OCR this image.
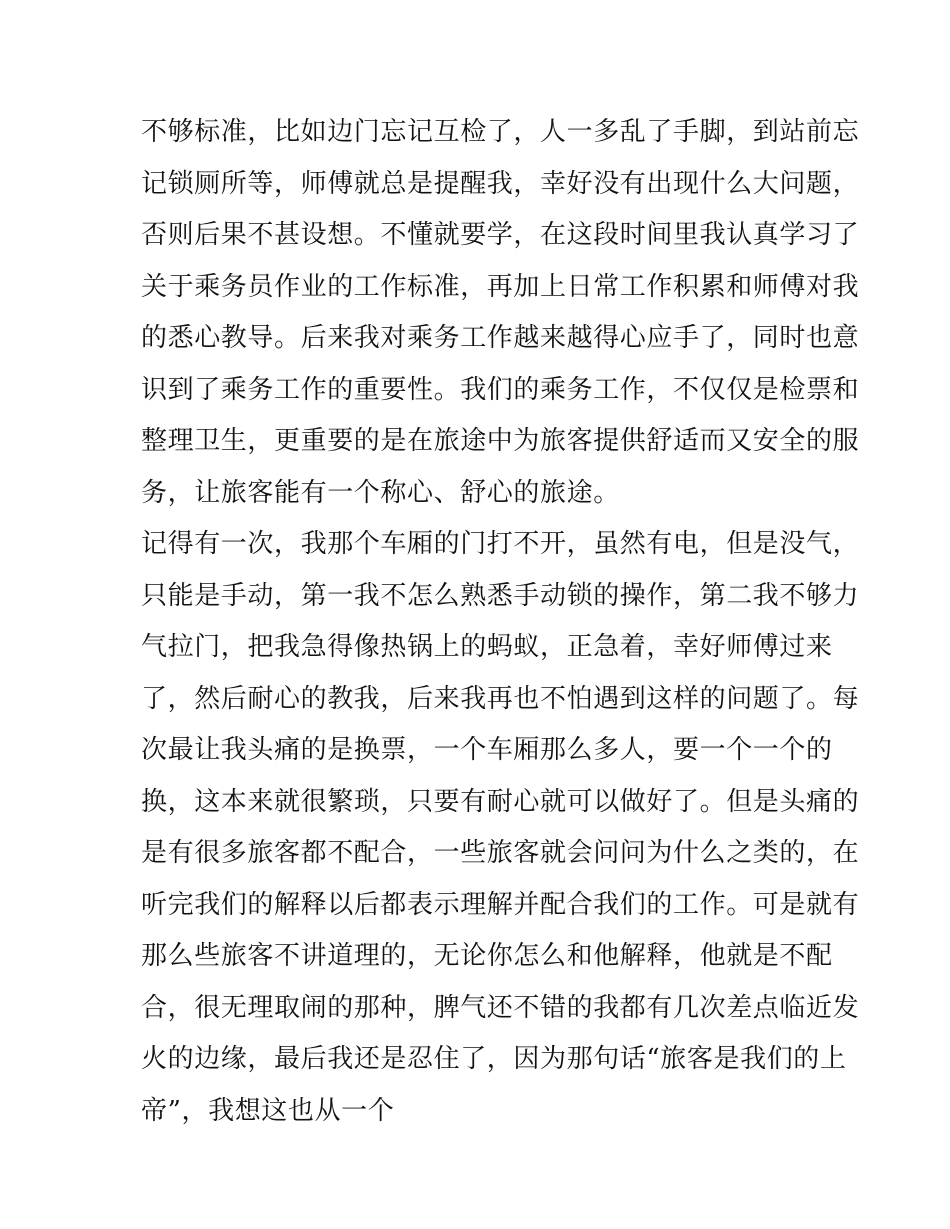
不够标准，比如边门忘记互检了，人一多乱了手脚，到站前忘
记锁厕所等，师傅就总是提醒我，幸好没有出现什么大问题，
否则后果不甚设想。不懂就要学，在这段时间里我认真学习了
关于乘务员作业的工作标准，再加上日常工作积累和师傅对我
的悉心教导。后来我对乘务工作越来越得心应手了，同时也意
识到了乘务工作的重要性。我们的乘务工作，不仅仅是检票和
整理卫生，更重要的是在旅途中为旅客提供舒适而又安全的服
务，让旅客能有一个称心、舒心的旅途。
记得有一次，我那个车厢的门打不开，虽然有电，但是没气，
只能是手动，第一我不怎么熟悉手动锁的操作，第二我不够力
气拉门，把我急得像热锅上的蚂蚁，正急着，幸好师傅过来
了，然后耐心的教我，后来我再也不怕遇到这样的问题了。每
次最让我头痛的是换票，一个车厢那么多人，要一个一个的
换，这本来就很繁琐，只要有耐心就可以做好了。但是头痛的
是有很多旅客都不配合，一些旅客就会问问为什么之类的，在
听完我们的解释以后都表示理解并配合我们的工作。可是就有
那么些旅客不讲道理的，无论你怎么和他解释，他就是不配
合，很无理取闹的那种，脾气还不错的我都有几次差点临近发
火的边缘，最后我还是忍住了，因为那句话“旅客是我们的上
帝”，我想这也从一个
